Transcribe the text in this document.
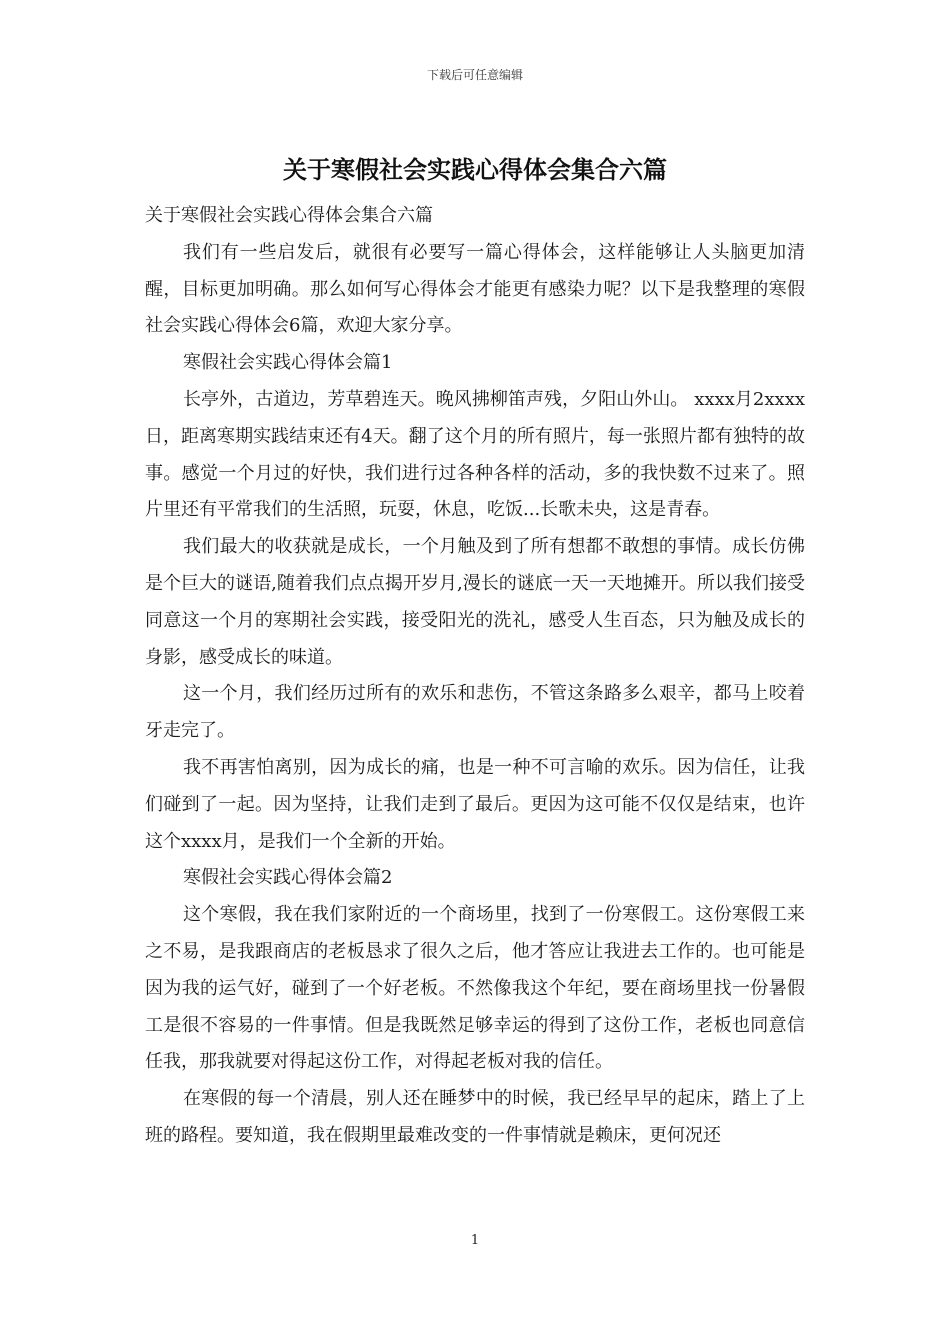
下载后可任意编辑
关于寒假社会实践心得体会集合六篇

关于寒假社会实践心得体会集合六篇

我们有一些启发后，就很有必要写一篇心得体会，这样能够让人头脑更加清醒，目标更加明确。那么如何写心得体会才能更有感染力呢？以下是我整理的寒假社会实践心得体会6篇，欢迎大家分享。

寒假社会实践心得体会篇1

长亭外，古道边，芳草碧连天。晚风拂柳笛声残，夕阳山外山。 xxxx月2xxxx日，距离寒期实践结束还有4天。翻了这个月的所有照片，每一张照片都有独特的故事。感觉一个月过的好快，我们进行过各种各样的活动，多的我快数不过来了。照片里还有平常我们的生活照，玩耍，休息，吃饭...长歌未央，这是青春。

我们最大的收获就是成长，一个月触及到了所有想都不敢想的事情。成长仿佛是个巨大的谜语,随着我们点点揭开岁月,漫长的谜底一天一天地摊开。所以我们接受同意这一个月的寒期社会实践，接受阳光的洗礼，感受人生百态，只为触及成长的身影，感受成长的味道。

这一个月，我们经历过所有的欢乐和悲伤，不管这条路多么艰辛，都马上咬着牙走完了。

我不再害怕离别，因为成长的痛，也是一种不可言喻的欢乐。因为信任，让我们碰到了一起。因为坚持，让我们走到了最后。更因为这可能不仅仅是结束，也许这个xxxx月，是我们一个全新的开始。

寒假社会实践心得体会篇2

这个寒假，我在我们家附近的一个商场里，找到了一份寒假工。这份寒假工来之不易，是我跟商店的老板恳求了很久之后，他才答应让我进去工作的。也可能是因为我的运气好，碰到了一个好老板。不然像我这个年纪，要在商场里找一份暑假工是很不容易的一件事情。但是我既然足够幸运的得到了这份工作，老板也同意信任我，那我就要对得起这份工作，对得起老板对我的信任。

在寒假的每一个清晨，别人还在睡梦中的时候，我已经早早的起床，踏上了上班的路程。要知道，我在假期里最难改变的一件事情就是赖床，更何况还

1
